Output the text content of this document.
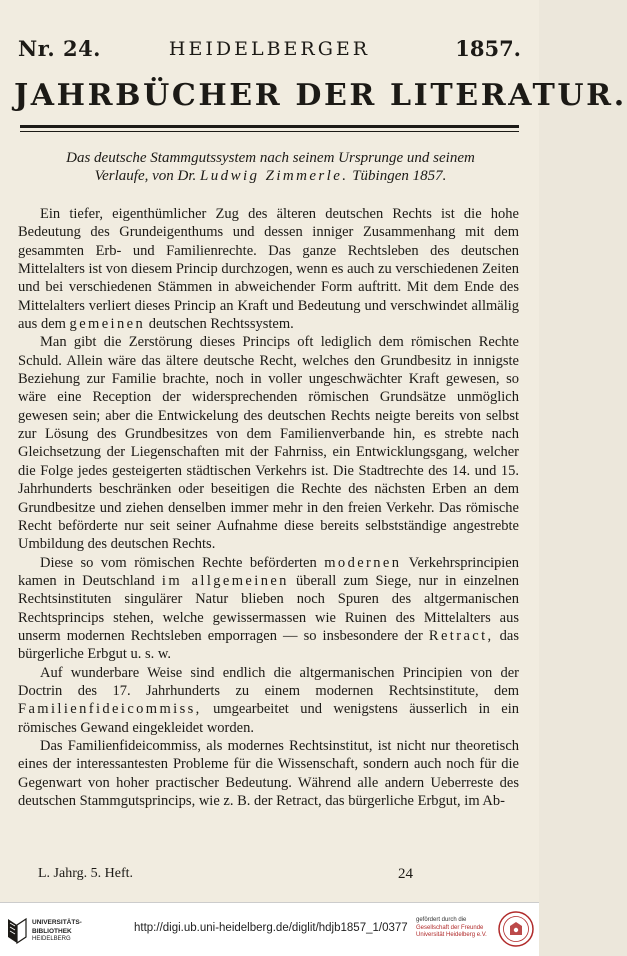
Nr. 24.	HEIDELBERGER	1857.
JAHRBÜCHER DER LITERATUR.
Das deutsche Stammgutssystem nach seinem Ursprunge und seinem
Verlaufe, von Dr. Ludwig Zimmerle. Tübingen 1857.

Ein tiefer, eigenthümlicher Zug des älteren deutschen Rechts ist die hohe Bedeutung des Grundeigenthums und dessen inniger Zusammenhang mit dem gesammten Erb- und Familienrechte. Das ganze Rechtsleben des deutschen Mittelalters ist von diesem Princip durchzogen, wenn es auch zu verschiedenen Zeiten und bei verschiedenen Stämmen in abweichender Form auftritt. Mit dem Ende des Mittelalters verliert dieses Princip an Kraft und Bedeutung und verschwindet allmälig aus dem gemeinen deutschen Rechtssystem.

Man gibt die Zerstörung dieses Princips oft lediglich dem römischen Rechte Schuld. Allein wäre das ältere deutsche Recht, welches den Grundbesitz in innigste Beziehung zur Familie brachte, noch in voller ungeschwächter Kraft gewesen, so wäre eine Reception der widersprechenden römischen Grundsätze unmöglich gewesen sein; aber die Entwickelung des deutschen Rechts neigte bereits von selbst zur Lösung des Grundbesitzes von dem Familienverbande hin, es strebte nach Gleichsetzung der Liegenschaften mit der Fahrniss, ein Entwicklungsgang, welcher die Folge jedes gesteigerten städtischen Verkehrs ist. Die Stadtrechte des 14. und 15. Jahrhunderts beschränken oder beseitigen die Rechte des nächsten Erben an dem Grundbesitze und ziehen denselben immer mehr in den freien Verkehr. Das römische Recht beförderte nur seit seiner Aufnahme diese bereits selbstständige angestrebte Umbildung des deutschen Rechts.

Diese so vom römischen Rechte beförderten modernen Verkehrsprincipien kamen in Deutschland im allgemeinen überall zum Siege, nur in einzelnen Rechtsinstituten singulärer Natur blieben noch Spuren des altgermanischen Rechtsprincips stehen, welche gewissermassen wie Ruinen des Mittelalters aus unserm modernen Rechtsleben emporragen — so insbesondere der Retract, das bürgerliche Erbgut u. s. w.

Auf wunderbare Weise sind endlich die altgermanischen Principien von der Doctrin des 17. Jahrhunderts zu einem modernen Rechtsinstitute, dem Familienfideicommiss, umgearbeitet und wenigstens äusserlich in ein römisches Gewand eingekleidet worden.

Das Familienfideicommiss, als modernes Rechtsinstitut, ist nicht nur theoretisch eines der interessantesten Probleme für die Wissenschaft, sondern auch noch für die Gegenwart von hoher practischer Bedeutung. Während alle andern Ueberreste des deutschen Stammgutsprincips, wie z. B. der Retract, das bürgerliche Erbgut, im Ab-

L. Jahrg. 5. Heft.	24
UNIVERSITÄTS-
BIBLIOTHEK
HEIDELBERG
http://digi.ub.uni-heidelberg.de/diglit/hdjb1857_1/0377
gefördert durch die
Gesellschaft der Freunde
Universität Heidelberg e.V.
